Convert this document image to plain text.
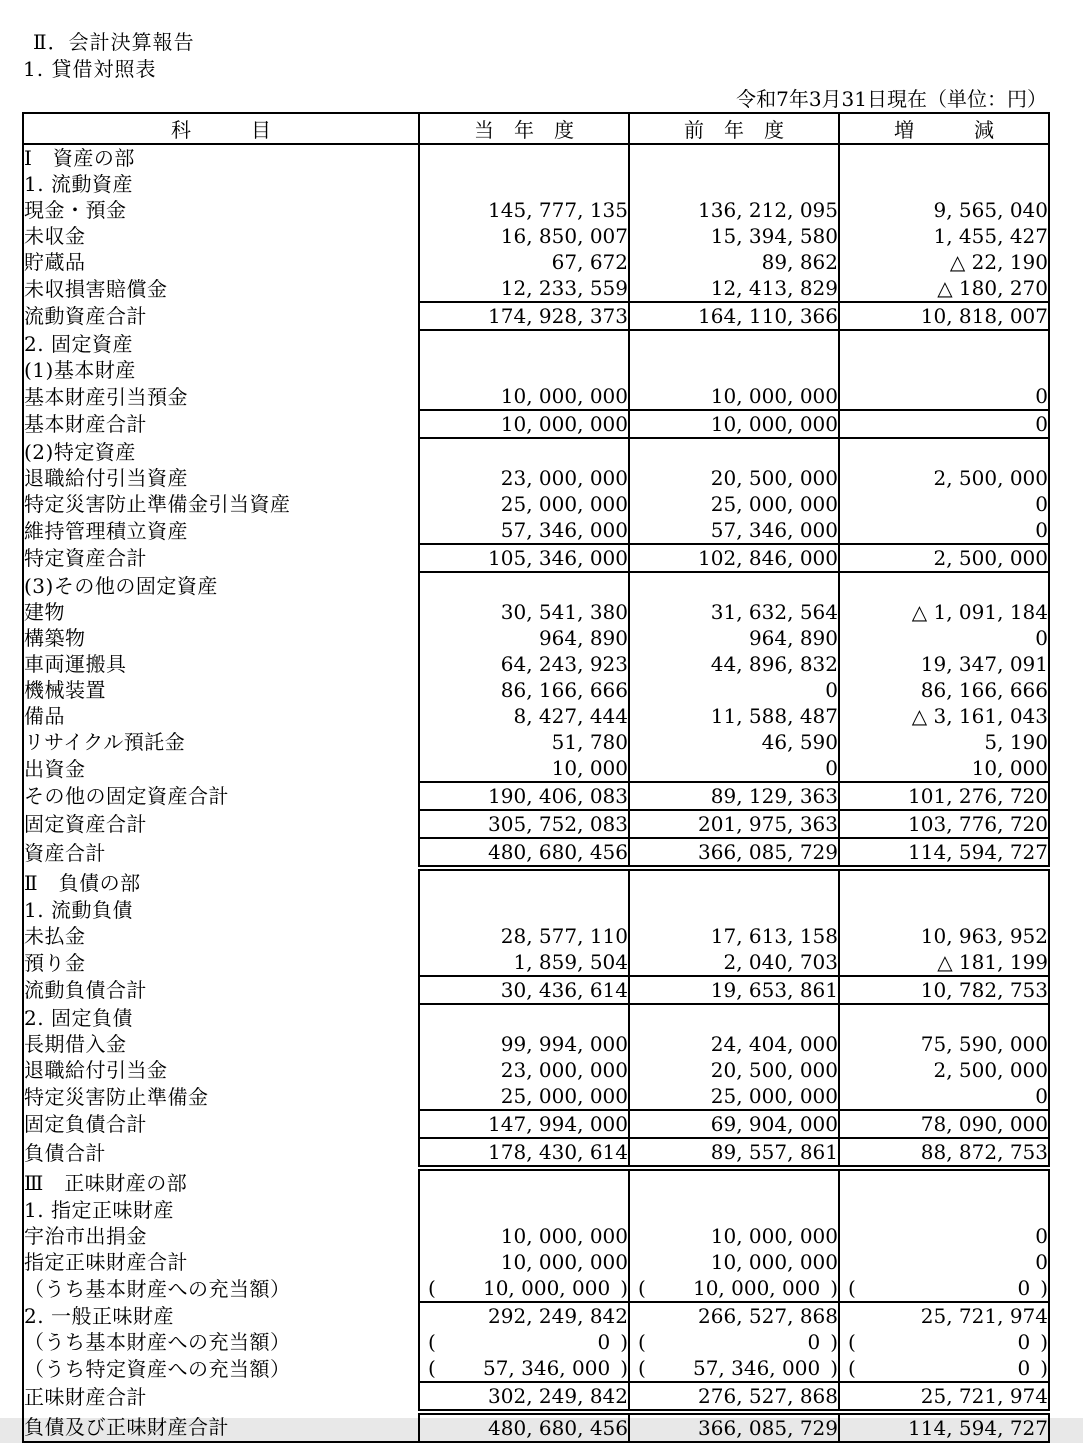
Ⅱ．会計決算報告
1. 貸借対照表
令和7年3月31日現在（単位：円）
科　　　目	当　年　度	前　年　度	増　　　減
Ⅰ　資産の部			
1. 流動資産			
現金・預金	145, 777, 135	136, 212, 095	9, 565, 040
未収金	16, 850, 007	15, 394, 580	1, 455, 427
貯蔵品	67, 672	89, 862	△ 22, 190
未収損害賠償金	12, 233, 559	12, 413, 829	△ 180, 270
流動資産合計	174, 928, 373	164, 110, 366	10, 818, 007
2. 固定資産			
(1)基本財産			
基本財産引当預金	10, 000, 000	10, 000, 000	0
基本財産合計	10, 000, 000	10, 000, 000	0
(2)特定資産			
退職給付引当資産	23, 000, 000	20, 500, 000	2, 500, 000
特定災害防止準備金引当資産	25, 000, 000	25, 000, 000	0
維持管理積立資産	57, 346, 000	57, 346, 000	0
特定資産合計	105, 346, 000	102, 846, 000	2, 500, 000
(3)その他の固定資産			
建物	30, 541, 380	31, 632, 564	△ 1, 091, 184
構築物	964, 890	964, 890	0
車両運搬具	64, 243, 923	44, 896, 832	19, 347, 091
機械装置	86, 166, 666	0	86, 166, 666
備品	8, 427, 444	11, 588, 487	△ 3, 161, 043
リサイクル預託金	51, 780	46, 590	5, 190
出資金	10, 000	0	10, 000
その他の固定資産合計	190, 406, 083	89, 129, 363	101, 276, 720
固定資産合計	305, 752, 083	201, 975, 363	103, 776, 720
資産合計	480, 680, 456	366, 085, 729	114, 594, 727
Ⅱ　負債の部			
1. 流動負債			
未払金	28, 577, 110	17, 613, 158	10, 963, 952
預り金	1, 859, 504	2, 040, 703	△ 181, 199
流動負債合計	30, 436, 614	19, 653, 861	10, 782, 753
2. 固定負債			
長期借入金	99, 994, 000	24, 404, 000	75, 590, 000
退職給付引当金	23, 000, 000	20, 500, 000	2, 500, 000
特定災害防止準備金	25, 000, 000	25, 000, 000	0
固定負債合計	147, 994, 000	69, 904, 000	78, 090, 000
負債合計	178, 430, 614	89, 557, 861	88, 872, 753
Ⅲ　正味財産の部			
1. 指定正味財産			
宇治市出捐金	10, 000, 000	10, 000, 000	0
指定正味財産合計	10, 000, 000	10, 000, 000	0
（うち基本財産への充当額）	( 10, 000, 000 )	( 10, 000, 000 )	( 0 )

2. 一般正味財産	292, 249, 842	266, 527, 868	25, 721, 974
（うち基本財産への充当額）	( 0 )	( 0 )	( 0 )

（うち特定資産への充当額）	( 57, 346, 000 )	( 57, 346, 000 )	( 0 )

正味財産合計	302, 249, 842	276, 527, 868	25, 721, 974
負債及び正味財産合計	480, 680, 456	366, 085, 729	114, 594, 727
